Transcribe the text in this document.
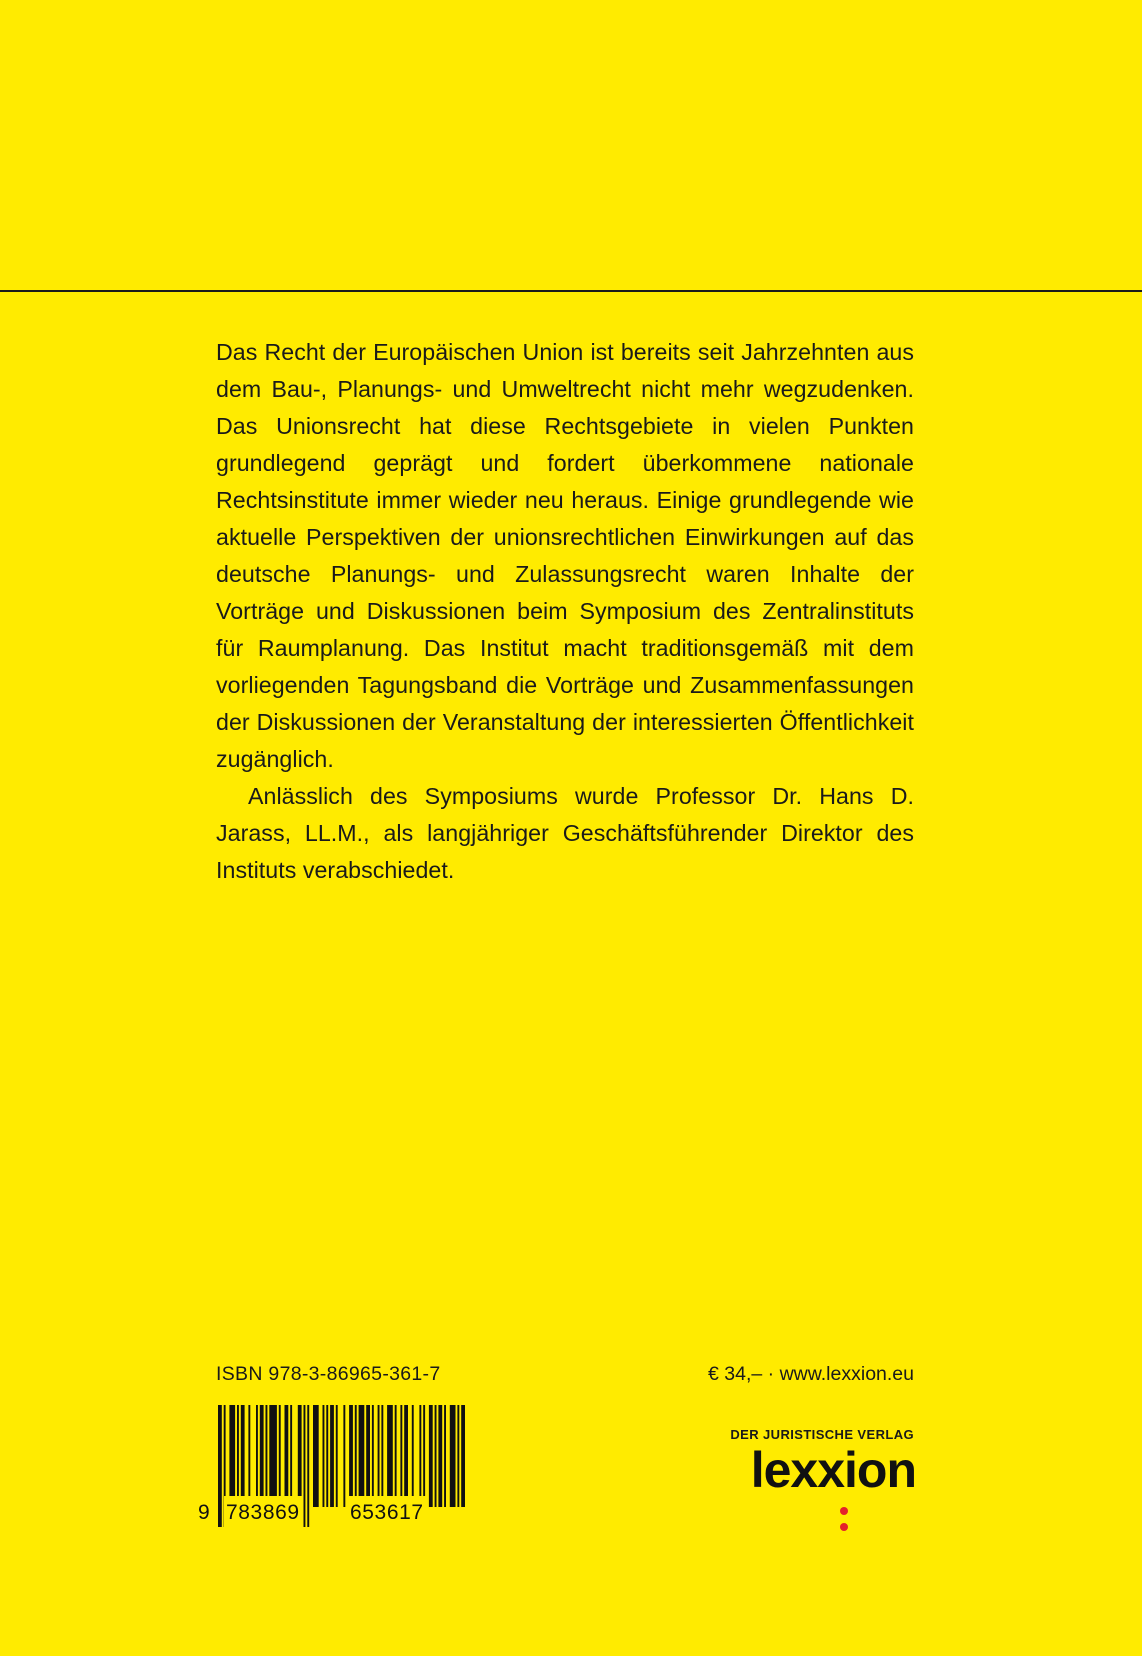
Das Recht der Europäischen Union ist bereits seit Jahrzehnten aus dem Bau-, Planungs- und Umweltrecht nicht mehr wegzudenken. Das Unionsrecht hat diese Rechtsgebiete in vielen Punkten grundlegend geprägt und fordert überkommene nationale Rechtsinstitute immer wieder neu heraus. Einige grundlegende wie aktuelle Perspektiven der unionsrechtlichen Einwirkungen auf das deutsche Planungs- und Zulassungsrecht waren Inhalte der Vorträge und Diskussionen beim Symposium des Zentralinstituts für Raumplanung. Das Institut macht traditionsgemäß mit dem vorliegenden Tagungsband die Vorträge und Zusammenfassungen der Diskussionen der Veranstaltung der interessierten Öffentlichkeit zugänglich.

Anlässlich des Symposiums wurde Professor Dr. Hans D. Jarass, LL.M., als langjähriger Geschäftsführender Direktor des Instituts verabschiedet.

ISBN 978-3-86965-361-7	€ 34,– · www.lexxion.eu
9 783869 653617
DER JURISTISCHE VERLAG
lexxion
